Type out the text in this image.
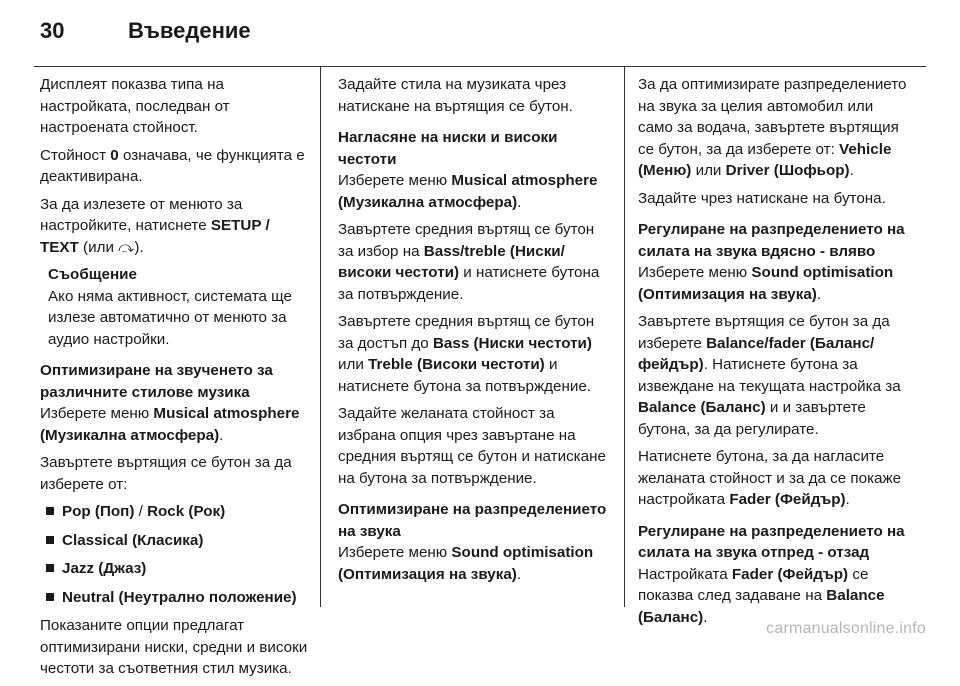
30	Въведение

Дисплеят показва типа на настройката, последван от настроената стойност.

Стойност 0 означава, че функцията е деактивирана.

За да излезете от менюто за настройките, натиснете SETUP / TEXT (или ⤼).

Съобщение
Ако няма активност, системата ще излезе автоматично от менюто за аудио настройки.

Оптимизиране на звученето за различните стилове музика

Изберете меню Musical atmosphere (Музикална атмосфера).

Завъртете въртящия се бутон за да изберете от:

Pop (Поп) / Rock (Рок)
Classical (Класика)
Jazz (Джаз)
Neutral (Неутрално положение)

Показаните опции предлагат оптимизирани ниски, средни и високи честоти за съответния стил музика.

Задайте стила на музиката чрез натискане на въртящия се бутон.

Нагласяне на ниски и високи честоти

Изберете меню Musical atmosphere (Музикална атмосфера).

Завъртете средния въртящ се бутон за избор на Bass/treble (Ниски/високи честоти) и натиснете бутона за потвърждение.

Завъртете средния въртящ се бутон за достъп до Bass (Ниски честоти) или Treble (Високи честоти) и натиснете бутона за потвърждение.

Задайте желаната стойност за избрана опция чрез завъртане на средния въртящ се бутон и натискане на бутона за потвърждение.

Оптимизиране на разпределението на звука

Изберете меню Sound optimisation (Оптимизация на звука).

За да оптимизирате разпределението на звука за целия автомобил или само за водача, завъртете въртящия се бутон, за да изберете от: Vehicle (Меню) или Driver (Шофьор).

Задайте чрез натискане на бутона.

Регулиране на разпределението на силата на звука вдясно - вляво

Изберете меню Sound optimisation (Оптимизация на звука).

Завъртете въртящия се бутон за да изберете Balance/fader (Баланс/фейдър). Натиснете бутона за извеждане на текущата настройка за Balance (Баланс) и и завъртете бутона, за да регулирате.

Натиснете бутона, за да нагласите желаната стойност и за да се покаже настройката Fader (Фейдър).

Регулиране на разпределението на силата на звука отпред - отзад

Настройката Fader (Фейдър) се показва след задаване на Balance (Баланс).

carmanualsonline.info
